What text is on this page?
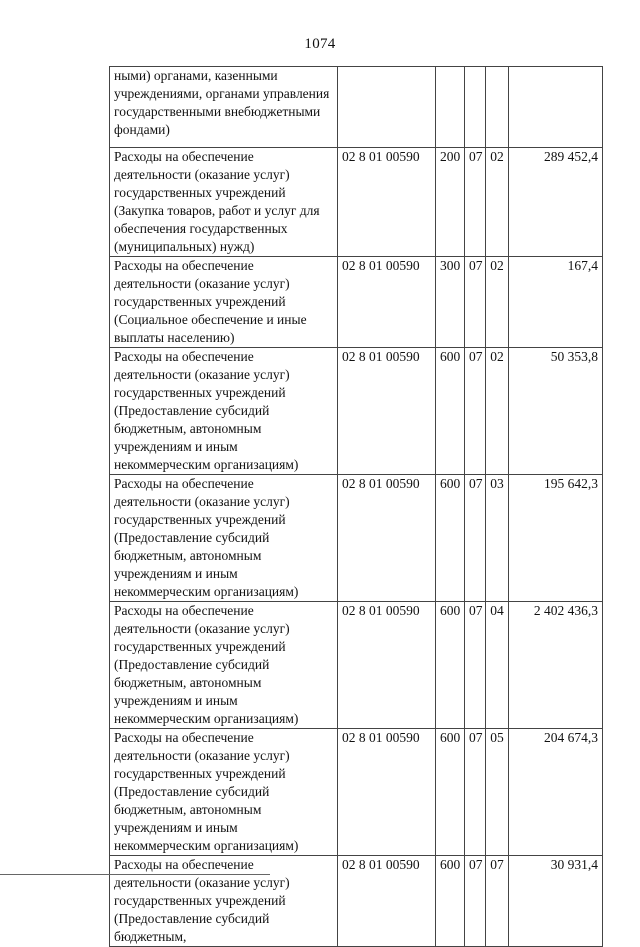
1074
ными) органами, казенными учреждениями, органами управления государственными внебюджетными фондами)					
Расходы на обеспечение деятельности (оказание услуг) государственных учреждений (Закупка товаров, работ и услуг для обеспечения государственных (муниципальных) нужд)	02 8 01 00590	200	07	02	289 452,4
Расходы на обеспечение деятельности (оказание услуг) государственных учреждений (Социальное обеспечение и иные выплаты населению)	02 8 01 00590	300	07	02	167,4
Расходы на обеспечение деятельности (оказание услуг) государственных учреждений (Предоставление субсидий бюджетным, автономным учреждениям и иным некоммерческим организациям)	02 8 01 00590	600	07	02	50 353,8
Расходы на обеспечение деятельности (оказание услуг) государственных учреждений (Предоставление субсидий бюджетным, автономным учреждениям и иным некоммерческим организациям)	02 8 01 00590	600	07	03	195 642,3
Расходы на обеспечение деятельности (оказание услуг) государственных учреждений (Предоставление субсидий бюджетным, автономным учреждениям и иным некоммерческим организациям)	02 8 01 00590	600	07	04	2 402 436,3
Расходы на обеспечение деятельности (оказание услуг) государственных учреждений (Предоставление субсидий бюджетным, автономным учреждениям и иным некоммерческим организациям)	02 8 01 00590	600	07	05	204 674,3
Расходы на обеспечение деятельности (оказание услуг) государственных учреждений (Предоставление субсидий бюджетным,	02 8 01 00590	600	07	07	30 931,4
